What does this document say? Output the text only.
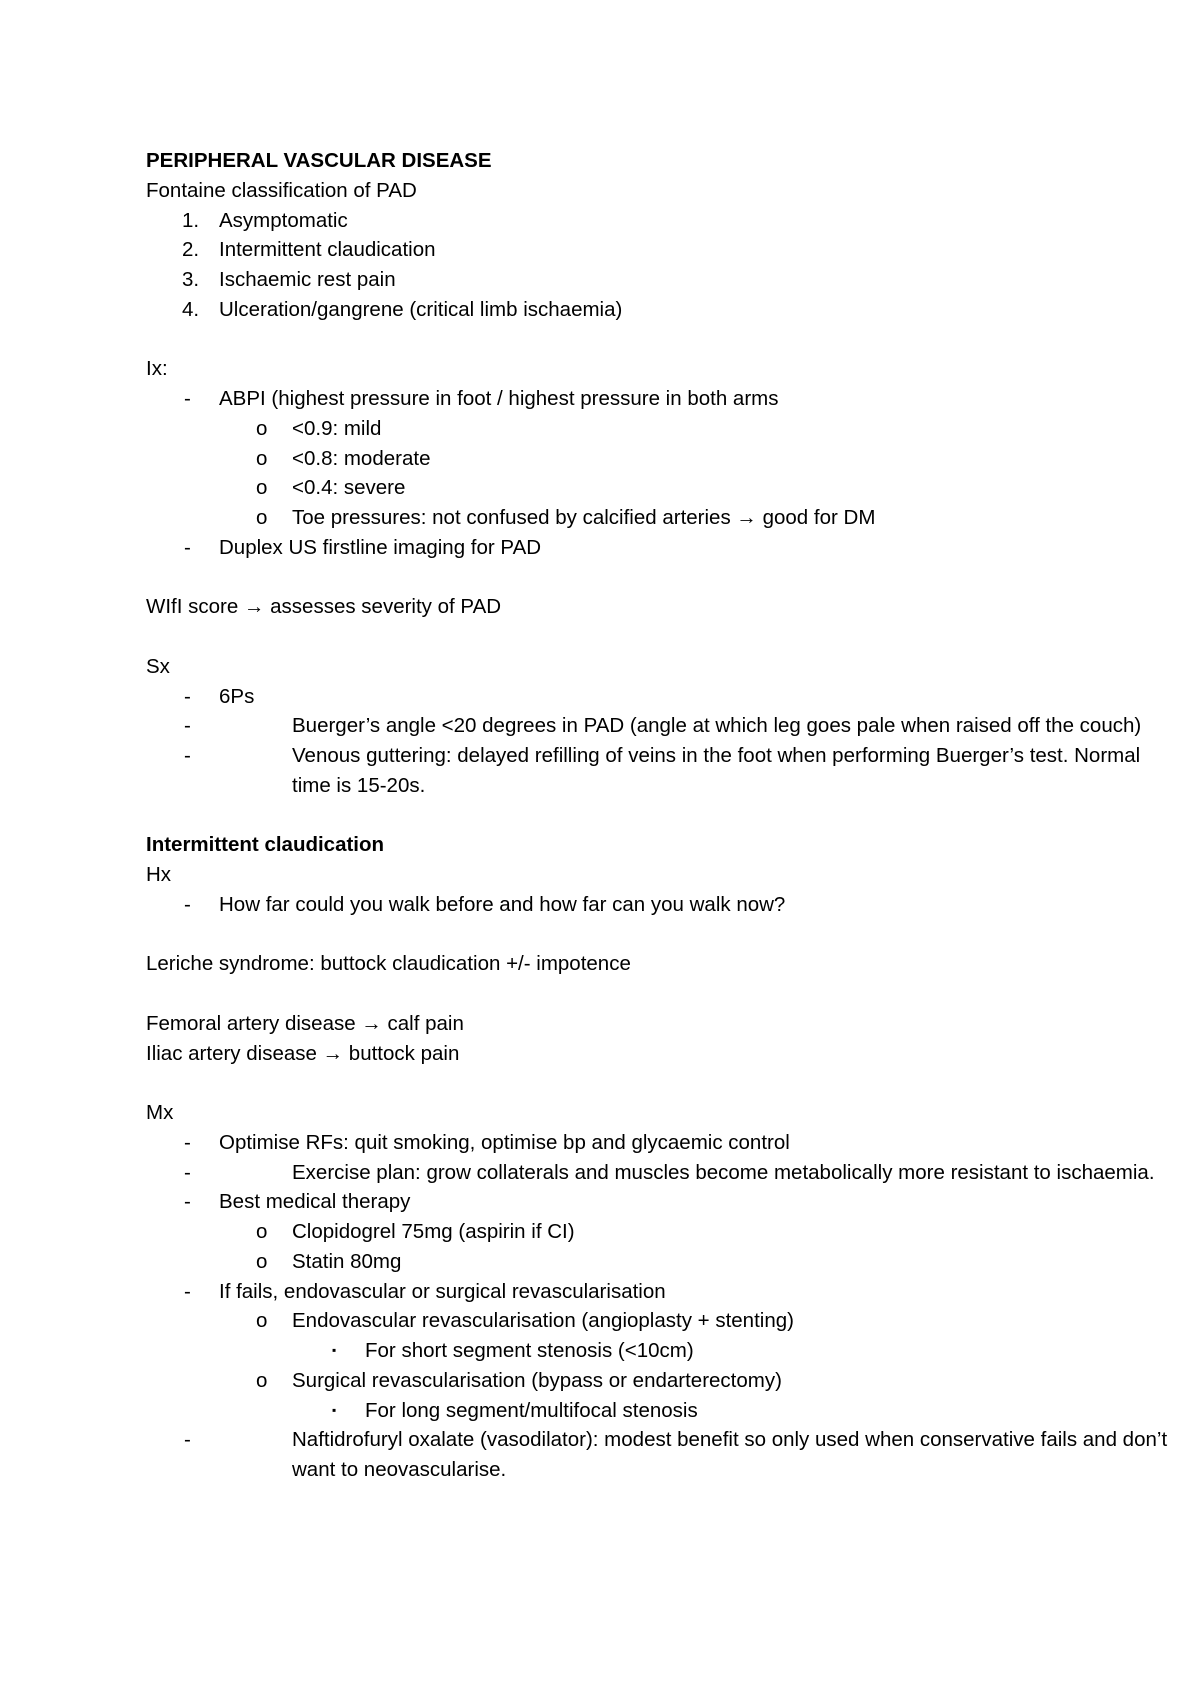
PERIPHERAL VASCULAR DISEASE
Fontaine classification of PAD
1. Asymptomatic
2. Intermittent claudication
3. Ischaemic rest pain
4. Ulceration/gangrene (critical limb ischaemia)
Ix:
- ABPI (highest pressure in foot / highest pressure in both arms
o <0.9: mild
o <0.8: moderate
o <0.4: severe
o Toe pressures: not confused by calcified arteries → good for DM
- Duplex US firstline imaging for PAD
WIfI score → assesses severity of PAD
Sx
- 6Ps
-	Buerger’s angle <20 degrees in PAD (angle at which leg goes pale when raised off the couch)
-	Venous guttering: delayed refilling of veins in the foot when performing Buerger’s test. Normal time is 15-20s.
Intermittent claudication
Hx
- How far could you walk before and how far can you walk now?
Leriche syndrome: buttock claudication +/- impotence
Femoral artery disease → calf pain
Iliac artery disease → buttock pain
Mx
- Optimise RFs: quit smoking, optimise bp and glycaemic control
-	Exercise plan: grow collaterals and muscles become metabolically more resistant to ischaemia.
- Best medical therapy
o Clopidogrel 75mg (aspirin if CI)
o Statin 80mg
- If fails, endovascular or surgical revascularisation
o Endovascular revascularisation (angioplasty + stenting)
▪ For short segment stenosis (<10cm)
o Surgical revascularisation (bypass or endarterectomy)
▪ For long segment/multifocal stenosis
-	Naftidrofuryl oxalate (vasodilator): modest benefit so only used when conservative fails and don’t want to neovascularise.
